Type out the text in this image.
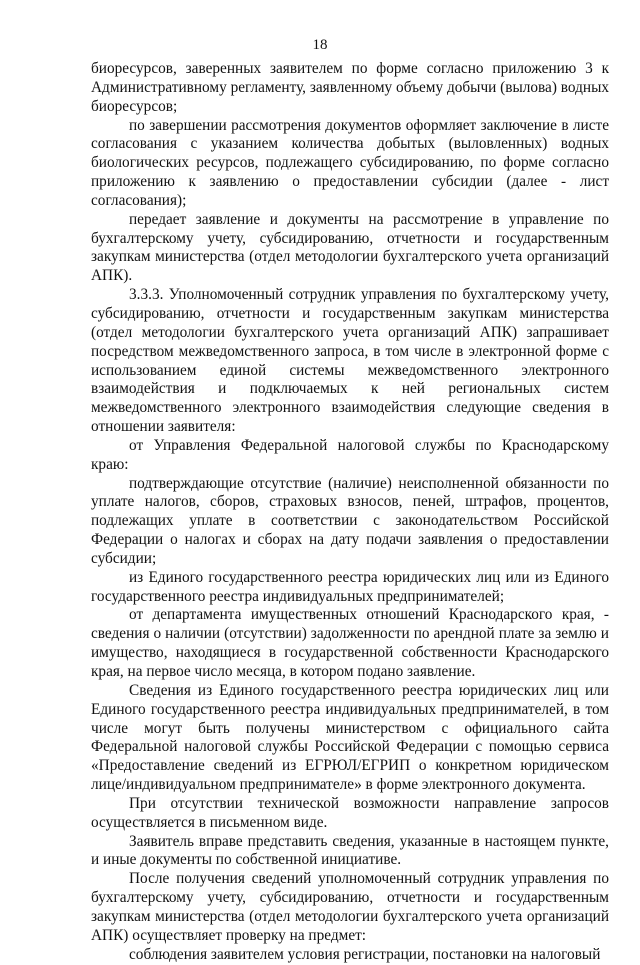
18

биоресурсов, заверенных заявителем по форме согласно приложению 3 к Административному регламенту, заявленному объему добычи (вылова) водных биоресурсов;

по завершении рассмотрения документов оформляет заключение в листе согласования с указанием количества добытых (выловленных) водных биологических ресурсов, подлежащего субсидированию, по форме согласно приложению к заявлению о предоставлении субсидии (далее - лист согласования);

передает заявление и документы на рассмотрение в управление по бухгалтерскому учету, субсидированию, отчетности и государственным закупкам министерства (отдел методологии бухгалтерского учета организаций АПК).

3.3.3. Уполномоченный сотрудник управления по бухгалтерскому учету, субсидированию, отчетности и государственным закупкам министерства (отдел методологии бухгалтерского учета организаций АПК) запрашивает посредством межведомственного запроса, в том числе в электронной форме с использованием единой системы межведомственного электронного взаимодействия и подключаемых к ней региональных систем межведомственного электронного взаимодействия следующие сведения в отношении заявителя:

от Управления Федеральной налоговой службы по Краснодарскому краю:

подтверждающие отсутствие (наличие) неисполненной обязанности по уплате налогов, сборов, страховых взносов, пеней, штрафов, процентов, подлежащих уплате в соответствии с законодательством Российской Федерации о налогах и сборах на дату подачи заявления о предоставлении субсидии;

из Единого государственного реестра юридических лиц или из Единого государственного реестра индивидуальных предпринимателей;

от департамента имущественных отношений Краснодарского края, - сведения о наличии (отсутствии) задолженности по арендной плате за землю и имущество, находящиеся в государственной собственности Краснодарского края, на первое число месяца, в котором подано заявление.

Сведения из Единого государственного реестра юридических лиц или Единого государственного реестра индивидуальных предпринимателей, в том числе могут быть получены министерством с официального сайта Федеральной налоговой службы Российской Федерации с помощью сервиса «Предоставление сведений из ЕГРЮЛ/ЕГРИП о конкретном юридическом лице/индивидуальном предпринимателе» в форме электронного документа.

При отсутствии технической возможности направление запросов осуществляется в письменном виде.

Заявитель вправе представить сведения, указанные в настоящем пункте, и иные документы по собственной инициативе.

После получения сведений уполномоченный сотрудник управления по бухгалтерскому учету, субсидированию, отчетности и государственным закупкам министерства (отдел методологии бухгалтерского учета организаций АПК) осуществляет проверку на предмет:

соблюдения заявителем условия регистрации, постановки на налоговый
